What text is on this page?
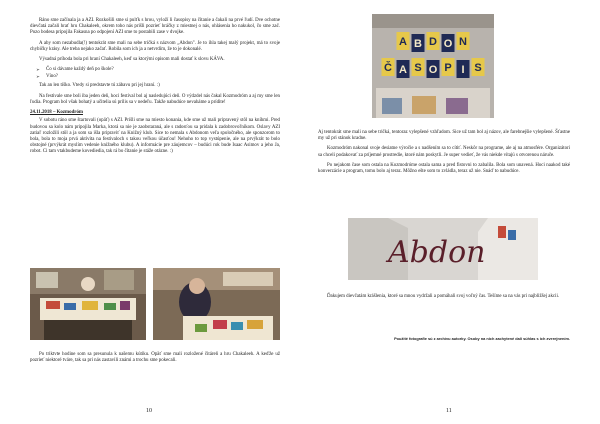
Ráno sme začínala ja a AZI. Rozkošili sme si pulťk s hrou, vyloží li časopisy na čítanie a čakali na prvé ľudí. Dve ochotne dievčatá začali hrať hru Chakaleeh, okrem toho nás prišli pozrieť hráčky z miestnej o nás, ohlásenia ho nakukol, čo sme zač. Pozo bodesa pripojila Fakasna po odpojení AZI sme to postabili zase v dvojke.

A aby som nezabudla(!) tentokrát sme mali na sebe tričká s názvom „Abdon". Je to ihla takej malý projekt, má to svoje chybičky krásy. Ale treba nejako začať. Robila som ich ja a netvrdím, že to je dokonalé.

Výsadná príhoda bola pri hraní Chakaleeh, keď sa ktorými opisom mali dostať k slovu KÁVA.

➢ Čo si dávame každý deň po škole?
➢ Víno?

Tak an len tiško. Vtedy si predstavte tú zábavu pri jej hraní. :)

Na festivale sme boli iba jeden deň, hoci festival bol aj nasledujúci deň. O výdzdel nás čakal Kozmodróm a aj my sme len ľudia. Program bol však bohatý a učitelia sú prilis sa v nedeľu. Takže nabudúce nevaháme a prídite!

24.11.2018 – Kozmodróm

V sobotu ráno sme štartovali (opäť) s AZI. Prišli sme na miesto konania, kde sme už mali pripravený stôl na kníhmi. Pred budovou sa kolo nám pripojila Marka, ktorá sa nie je zaobstaraná, ale s radosťou sa pridala k zadobrovoľníkom. Oslavy AZI zatiaľ rozložili stôl a ja som sa išla pripraviť na Knižný klub. Sice to nemala s Abdonom veľa spoločného, ale sponzorom to bola, bola to moja prvá aktivita na festivaloch s takou veľkou účasťou! Nehoho to top vystúpenie, ale na prvýkrát to bolo obstojné (prvýkrát myslím vedenie knižného klubu). A informácie pre záujemcov – budúci rok bude Isaac Asimov a jeho Ja, robot. Ci tam vtakbudeme kovediedia, tak rá bo čítanie je stáže otázne. :)

Po triktvte hodine som sa presunula k našemu kútiku. Opäť sme mali rozložené čitáreň a hru Chakaleeh. A keďže už pozrieť niektoré tváre, tak sa pri nás zastavili známi a trochu sme pokecali.

10
A B D O N
Č A S O P I S

Aj tentokrát sme mali na sebe tričká, tentoraz vylepšené vzhľadom. Sice už tam bol aj názov, ale farebnejšie vylepšené. Šťastne my už pri stánok kradne.

Kozmodróm nakonal svoje desiatne výročie a s nadšením sa to cítiť. Neskôr na programe, ale aj na atmosfére. Organizátori sa chceli podakovať za príjemné prostredie, ktoré nám poskytli. Je super vedieť, že vás niekde vítajú s otvorenou náruče.

Po nejakom čase som ostala na Kozmodróme ostala sama a pred fistovni to zabalila. Bola som unavená. Hoci naakod také konverzácie a program, tomu bolo aj teraz. Môžno ešte som to zvládla, teraz už nie. Snáď to nabudúce.

Abdon

Ďakujem dievčatám krášlenia, ktoré sa mnou vydržali a pomáhali svoj voľný čas. Tešíme sa na vás pri najbližšej akcii.

Použité fotografie sú z archívu autorky. Osoby na nich zachytené dali súhlas s ich zverejnením.
11
